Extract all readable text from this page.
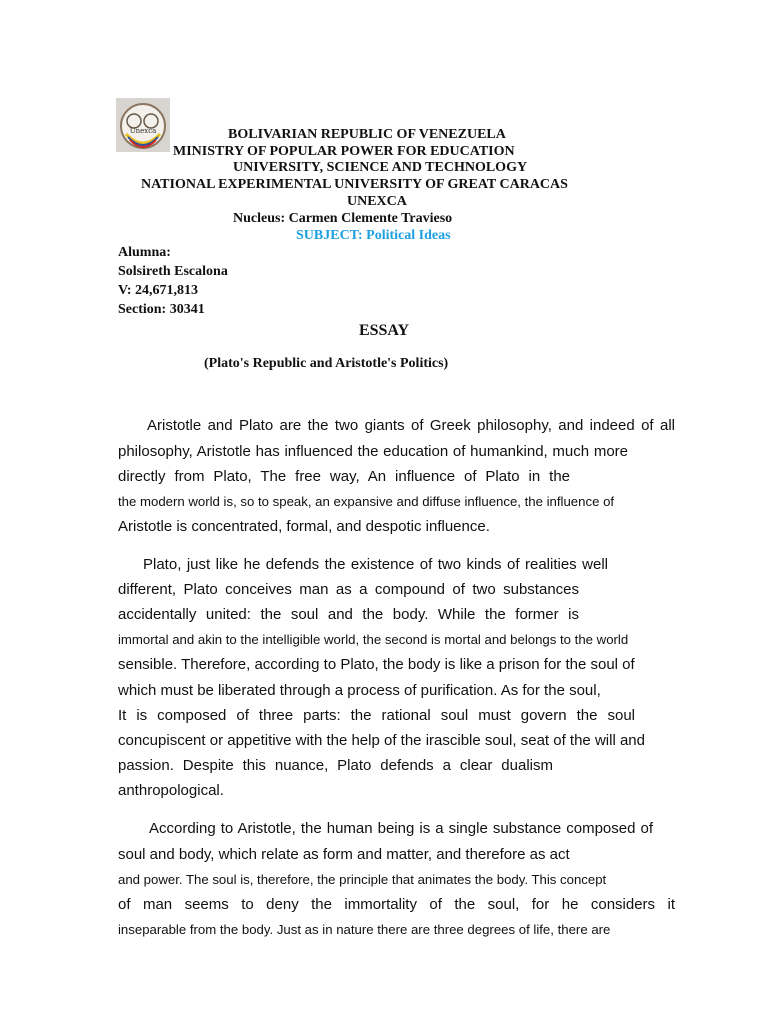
Unexca	BOLIVARIAN REPUBLIC OF VENEZUELA
MINISTRY OF POPULAR POWER FOR EDUCATION
UNIVERSITY, SCIENCE AND TECHNOLOGY
NATIONAL EXPERIMENTAL UNIVERSITY OF GREAT CARACAS
UNEXCA
Nucleus: Carmen Clemente Travieso
SUBJECT: Political Ideas
Alumna:
Solsireth Escalona
V: 24,671,813
Section: 30341
ESSAY
(Plato's Republic and Aristotle's Politics)
Aristotle and Plato are the two giants of Greek philosophy, and indeed of all
philosophy, Aristotle has influenced the education of humankind, much more
directly from Plato, The free way, An influence of Plato in the
the modern world is, so to speak, an expansive and diffuse influence, the influence of
Aristotle is concentrated, formal, and despotic influence.
Plato, just like he defends the existence of two kinds of realities well
different, Plato conceives man as a compound of two substances
accidentally united: the soul and the body. While the former is
immortal and akin to the intelligible world, the second is mortal and belongs to the world
sensible. Therefore, according to Plato, the body is like a prison for the soul of
which must be liberated through a process of purification. As for the soul,
It is composed of three parts: the rational soul must govern the soul
concupiscent or appetitive with the help of the irascible soul, seat of the will and
passion. Despite this nuance, Plato defends a clear dualism
anthropological.
According to Aristotle, the human being is a single substance composed of
soul and body, which relate as form and matter, and therefore as act
and power. The soul is, therefore, the principle that animates the body. This concept
of man seems to deny the immortality of the soul, for he considers it
inseparable from the body. Just as in nature there are three degrees of life, there are
